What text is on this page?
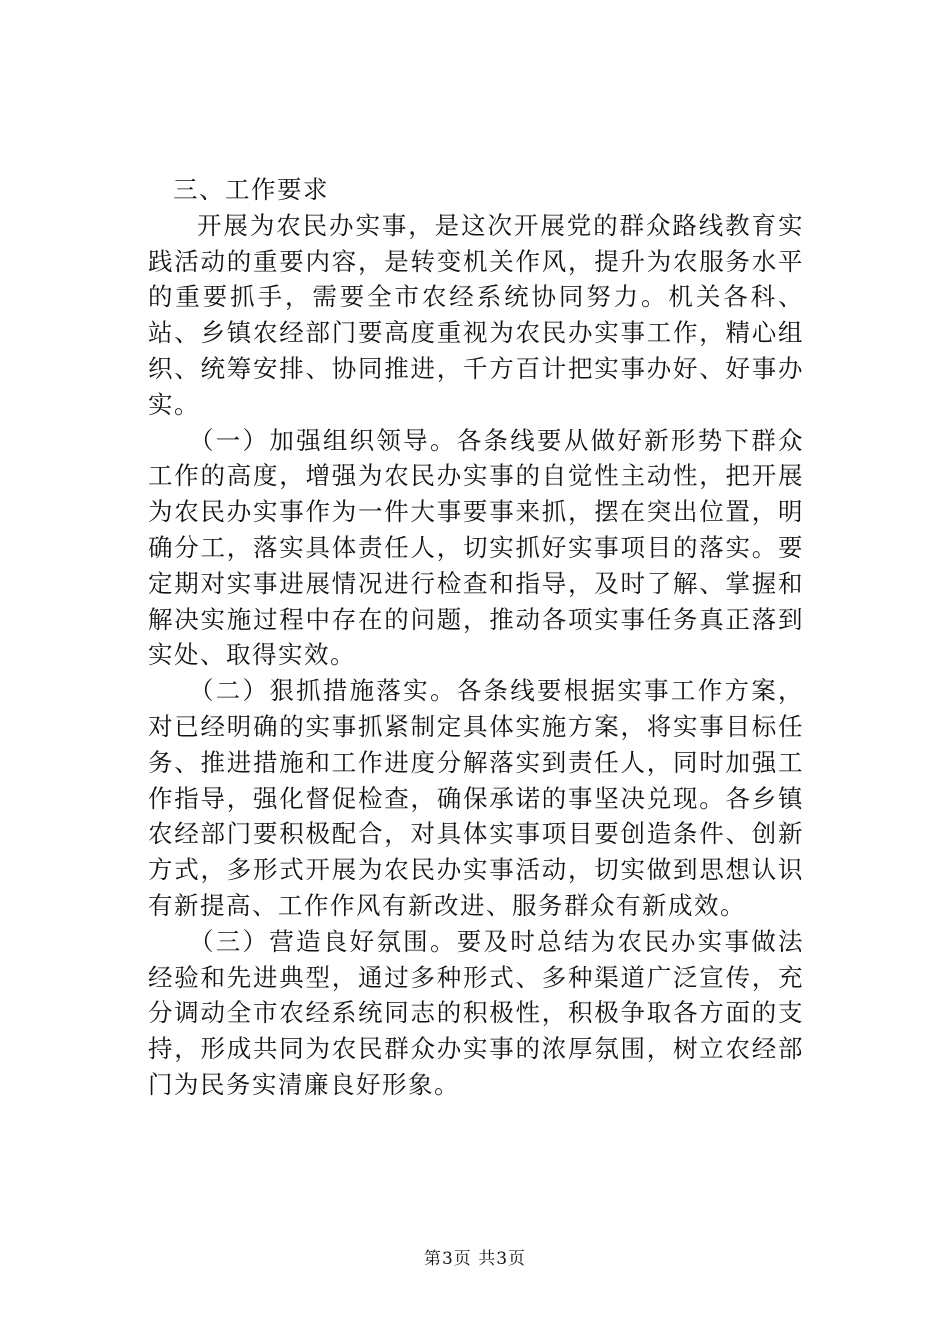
三、工作要求

开展为农民办实事，是这次开展党的群众路线教育实践活动的重要内容，是转变机关作风，提升为农服务水平的重要抓手，需要全市农经系统协同努力。机关各科、站、乡镇农经部门要高度重视为农民办实事工作，精心组织、统筹安排、协同推进，千方百计把实事办好、好事办实。

（一）加强组织领导。各条线要从做好新形势下群众工作的高度，增强为农民办实事的自觉性主动性，把开展为农民办实事作为一件大事要事来抓，摆在突出位置，明确分工，落实具体责任人，切实抓好实事项目的落实。要定期对实事进展情况进行检查和指导，及时了解、掌握和解决实施过程中存在的问题，推动各项实事任务真正落到实处、取得实效。

（二）狠抓措施落实。各条线要根据实事工作方案，对已经明确的实事抓紧制定具体实施方案，将实事目标任务、推进措施和工作进度分解落实到责任人，同时加强工作指导，强化督促检查，确保承诺的事坚决兑现。各乡镇农经部门要积极配合，对具体实事项目要创造条件、创新方式，多形式开展为农民办实事活动，切实做到思想认识有新提高、工作作风有新改进、服务群众有新成效。

（三）营造良好氛围。要及时总结为农民办实事做法经验和先进典型，通过多种形式、多种渠道广泛宣传，充分调动全市农经系统同志的积极性，积极争取各方面的支持，形成共同为农民群众办实事的浓厚氛围，树立农经部门为民务实清廉良好形象。

第3页 共3页
